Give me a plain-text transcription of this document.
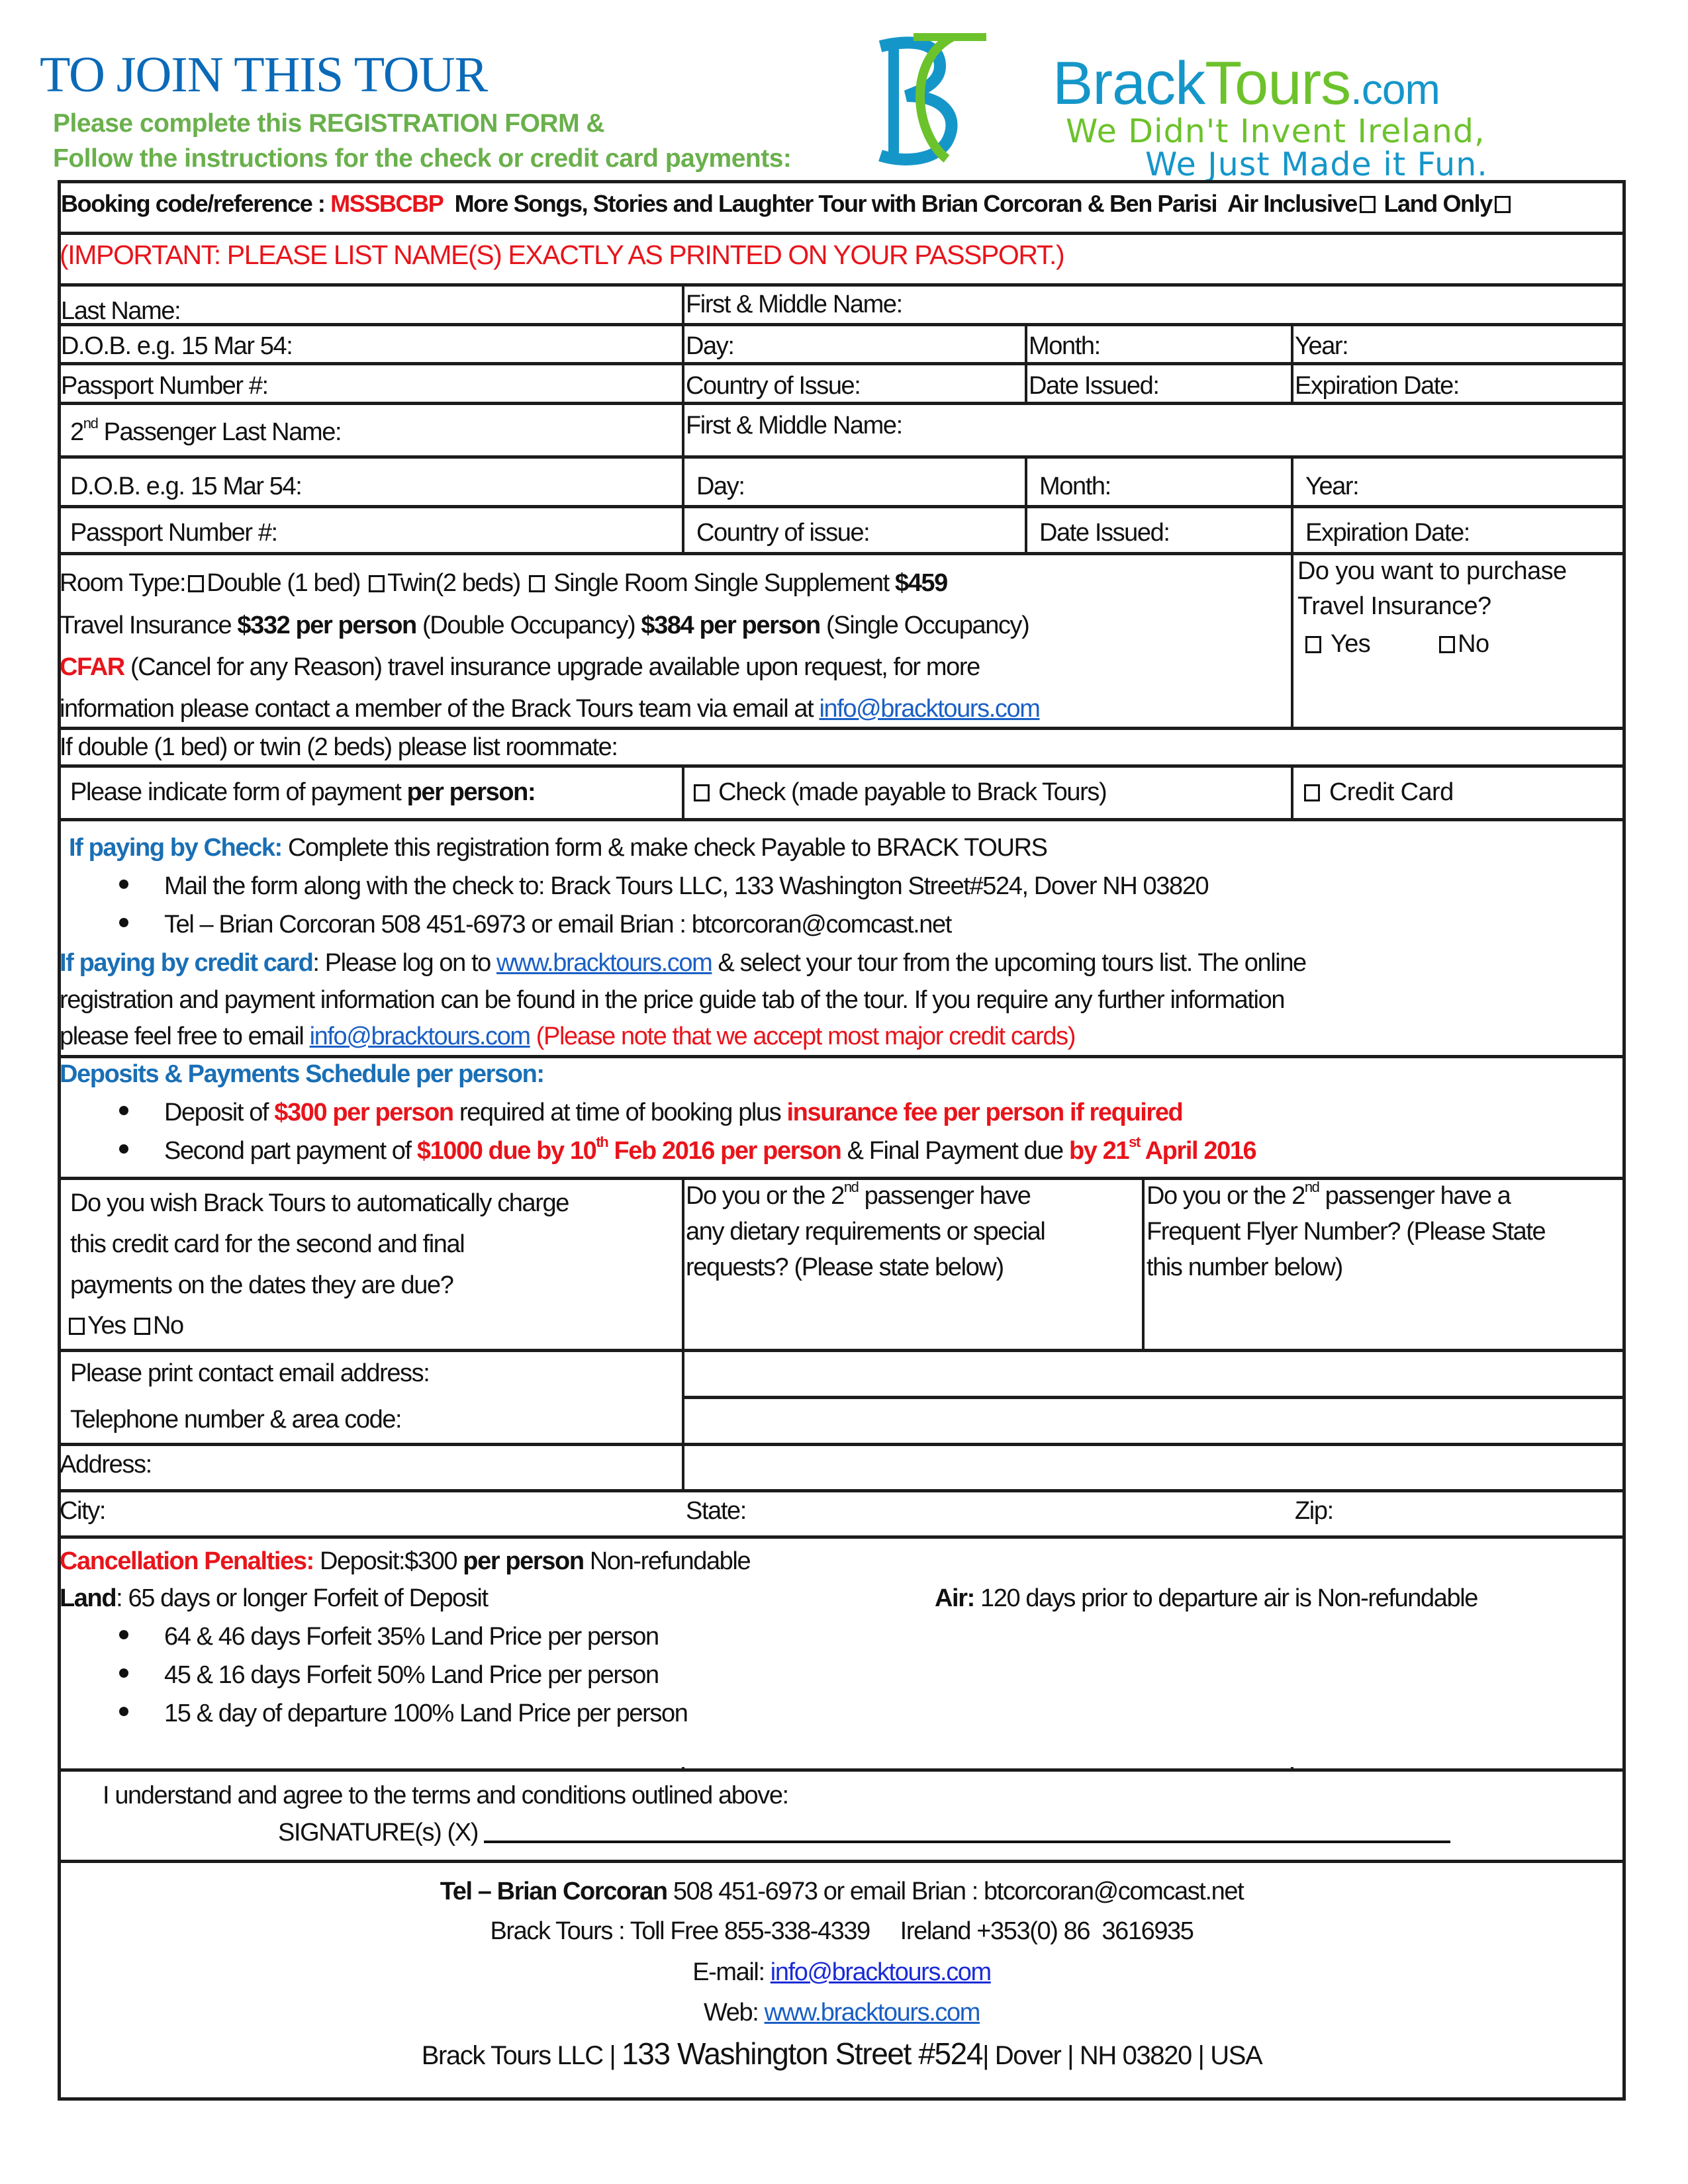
TO JOIN THIS TOUR
Please complete this REGISTRATION FORM &
Follow the instructions for the check or credit card payments:
BrackTours.com
We Didn't Invent Ireland,
We Just Made it Fun.
Booking code/reference : MSSBCBP More Songs, Stories and Laughter Tour with Brian Corcoran & Ben Parisi Air Inclusive Land Only
(IMPORTANT: PLEASE LIST NAME(S) EXACTLY AS PRINTED ON YOUR PASSPORT.)
Last Name:	First & Middle Name:
D.O.B. e.g. 15 Mar 54:	Day:	Month:	Year:
Passport Number #:	Country of Issue:	Date Issued:	Expiration Date:
2nd Passenger Last Name:	First & Middle Name:
D.O.B. e.g. 15 Mar 54:	Day:	Month:	Year:
Passport Number #:	Country of issue:	Date Issued:	Expiration Date:
Room Type: Double (1 bed) Twin(2 beds)  Single Room Single Supplement $459
Travel Insurance $332 per person (Double Occupancy) $384 per person (Single Occupancy)
CFAR (Cancel for any Reason) travel insurance upgrade available upon request, for more
information please contact a member of the Brack Tours team via email at info@bracktours.com
Do you want to purchase
Travel Insurance?
Yes	No
If double (1 bed) or twin (2 beds) please list roommate:
Please indicate form of payment per person:	Check (made payable to Brack Tours)	Credit Card
If paying by Check: Complete this registration form & make check Payable to BRACK TOURS
Mail the form along with the check to: Brack Tours LLC, 133 Washington Street#524, Dover NH 03820
Tel – Brian Corcoran 508 451-6973 or email Brian : btcorcoran@comcast.net
If paying by credit card: Please log on to www.bracktours.com & select your tour from the upcoming tours list. The online
registration and payment information can be found in the price guide tab of the tour. If you require any further information
please feel free to email info@bracktours.com (Please note that we accept most major credit cards)
Deposits & Payments Schedule per person:
Deposit of $300 per person required at time of booking plus insurance fee per person if required
Second part payment of $1000 due by 10th Feb 2016 per person & Final Payment due by 21st April 2016
Do you wish Brack Tours to automatically charge
this credit card for the second and final
payments on the dates they are due?
Yes No
Do you or the 2nd passenger have
any dietary requirements or special
requests? (Please state below)
Do you or the 2nd passenger have a
Frequent Flyer Number? (Please State
this number below)
Please print contact email address:
Telephone number & area code:
Address:
City:	State:	Zip:
Cancellation Penalties: Deposit:$300 per person Non-refundable
Land: 65 days or longer Forfeit of Deposit	Air: 120 days prior to departure air is Non-refundable
64 & 46 days Forfeit 35% Land Price per person
45 & 16 days Forfeit 50% Land Price per person
15 & day of departure 100% Land Price per person
I understand and agree to the terms and conditions outlined above:
SIGNATURE(s) (X)
Tel – Brian Corcoran 508 451-6973 or email Brian : btcorcoran@comcast.net
Brack Tours : Toll Free 855-338-4339     Ireland +353(0) 86  3616935
E-mail: info@bracktours.com
Web: www.bracktours.com
Brack Tours LLC | 133 Washington Street #524| Dover | NH 03820 | USA
